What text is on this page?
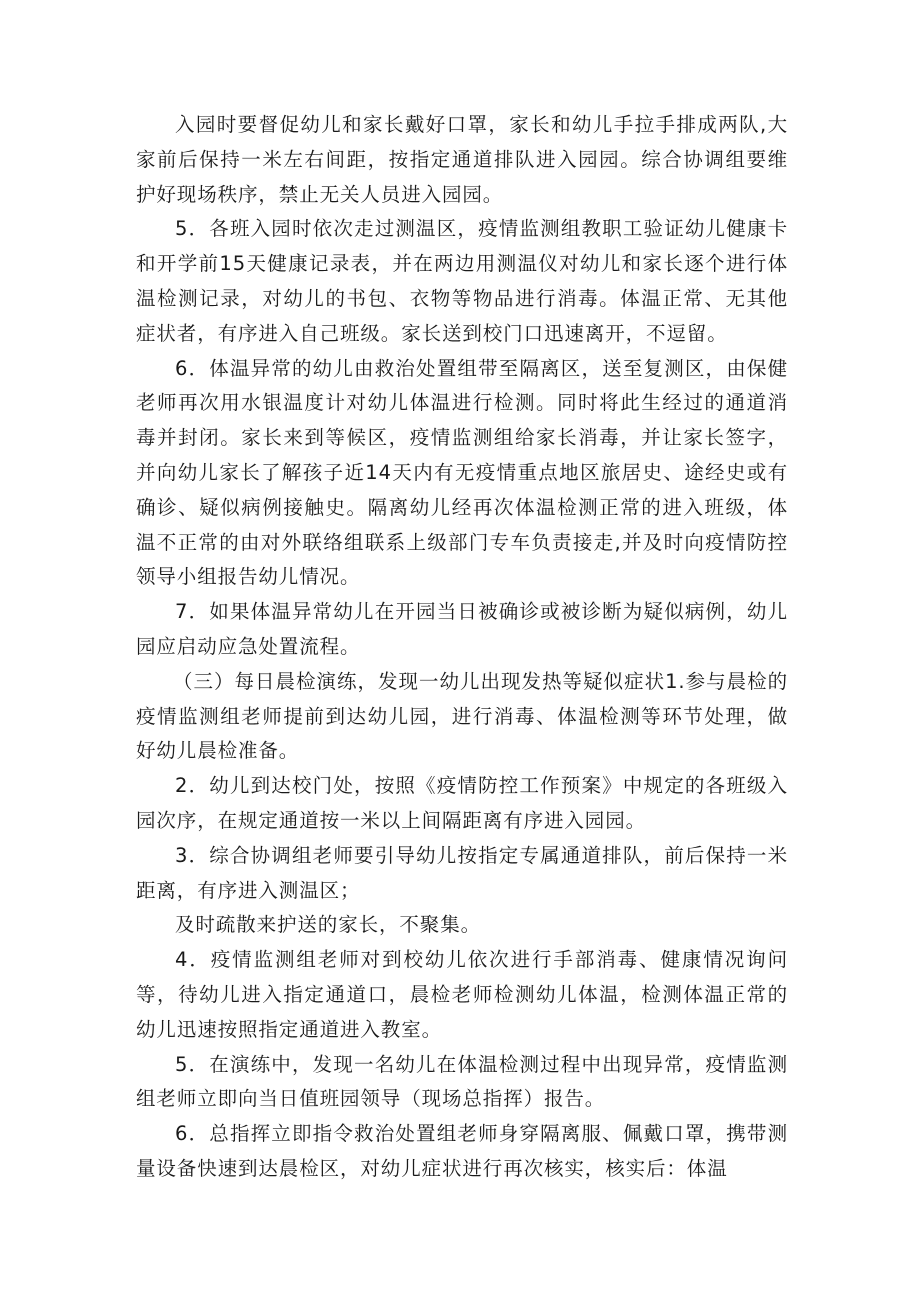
入园时要督促幼儿和家长戴好口罩，家长和幼儿手拉手排成两队,大家前后保持一米左右间距，按指定通道排队进入园园。综合协调组要维护好现场秩序，禁止无关人员进入园园。

5．各班入园时依次走过测温区，疫情监测组教职工验证幼儿健康卡和开学前15天健康记录表，并在两边用测温仪对幼儿和家长逐个进行体温检测记录，对幼儿的书包、衣物等物品进行消毒。体温正常、无其他症状者，有序进入自己班级。家长送到校门口迅速离开，不逗留。

6．体温异常的幼儿由救治处置组带至隔离区，送至复测区，由保健老师再次用水银温度计对幼儿体温进行检测。同时将此生经过的通道消毒并封闭。家长来到等候区，疫情监测组给家长消毒，并让家长签字，并向幼儿家长了解孩子近14天内有无疫情重点地区旅居史、途经史或有确诊、疑似病例接触史。隔离幼儿经再次体温检测正常的进入班级，体温不正常的由对外联络组联系上级部门专车负责接走,并及时向疫情防控领导小组报告幼儿情况。

7．如果体温异常幼儿在开园当日被确诊或被诊断为疑似病例，幼儿园应启动应急处置流程。

（三）每日晨检演练，发现一幼儿出现发热等疑似症状1.参与晨检的疫情监测组老师提前到达幼儿园，进行消毒、体温检测等环节处理，做好幼儿晨检准备。

2．幼儿到达校门处，按照《疫情防控工作预案》中规定的各班级入园次序，在规定通道按一米以上间隔距离有序进入园园。

3．综合协调组老师要引导幼儿按指定专属通道排队，前后保持一米距离，有序进入测温区；

及时疏散来护送的家长，不聚集。

4．疫情监测组老师对到校幼儿依次进行手部消毒、健康情况询问等，待幼儿进入指定通道口，晨检老师检测幼儿体温，检测体温正常的幼儿迅速按照指定通道进入教室。

5．在演练中，发现一名幼儿在体温检测过程中出现异常，疫情监测组老师立即向当日值班园领导（现场总指挥）报告。

6．总指挥立即指令救治处置组老师身穿隔离服、佩戴口罩，携带测量设备快速到达晨检区，对幼儿症状进行再次核实，核实后：体温
